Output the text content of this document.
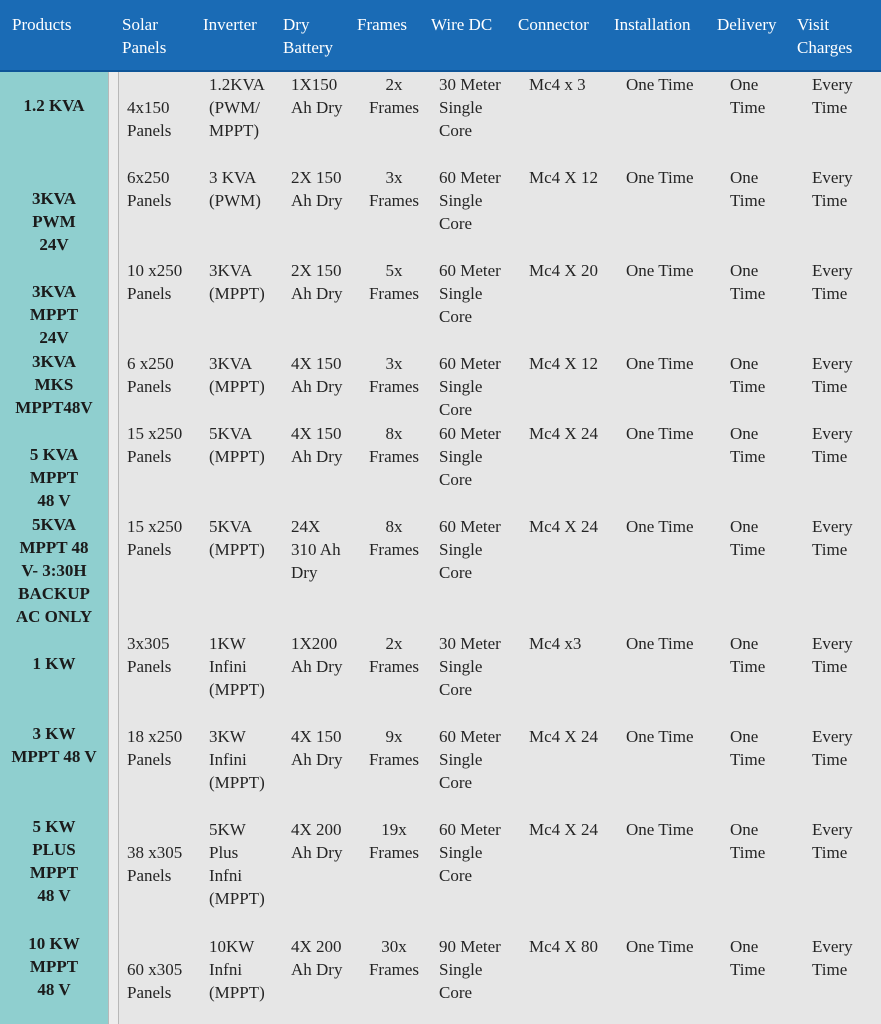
Products	Solar
Panels
Inverter Dry
Battery
Frames Wire DC Connector Installation Delivery Visit
Charges
1.2 KVA
3KVA
PWM
24V
3KVA
MPPT
24V
3KVA
MKS
MPPT48V
5 KVA
MPPT
48 V
5KVA
MPPT 48
V- 3:30H
BACKUP
AC ONLY
1 KW
3 KW
MPPT 48 V
5 KW
PLUS
MPPT
48 V
10 KW
MPPT
48 V
4x150
Panels
1.2KVA
(PWM/
MPPT)
1X150
Ah Dry
2x
Frames
30 Meter
Single
Core
Mc4 x 3 One Time One
Time
Every
Time
6x250
Panels
3 KVA
(PWM)
2X 150
Ah Dry
3x
Frames
60 Meter
Single
Core
Mc4 X 12 One Time One
Time
Every
Time
10 x250
Panels
3KVA
(MPPT)
2X 150
Ah Dry
5x
Frames
60 Meter
Single
Core
Mc4 X 20 One Time One
Time
Every
Time
6 x250
Panels
3KVA
(MPPT)
4X 150
Ah Dry
3x
Frames
60 Meter
Single
Core
Mc4 X 12 One Time One
Time
Every
Time
15 x250
Panels
5KVA
(MPPT)
4X 150
Ah Dry
8x
Frames
60 Meter
Single
Core
Mc4 X 24 One Time One
Time
Every
Time
15 x250
Panels
5KVA
(MPPT)
24X
310 Ah
Dry
8x
Frames
60 Meter
Single
Core
Mc4 X 24 One Time One
Time
Every
Time
3x305
Panels
1KW
Infini
(MPPT)
1X200
Ah Dry
2x
Frames
30 Meter
Single
Core
Mc4 x3	One Time One
Time
Every
Time
18 x250
Panels
3KW
Infini
(MPPT)
4X 150
Ah Dry
9x
Frames
60 Meter
Single
Core
Mc4 X 24 One Time One
Time
Every
Time
38 x305
Panels
5KW
Plus
Infni
(MPPT)
4X 200
Ah Dry
19x
Frames
60 Meter
Single
Core
Mc4 X 24 One Time One
Time
Every
Time
60 x305
Panels
10KW
Infni
(MPPT)
4X 200
Ah Dry
30x
Frames
90 Meter
Single
Core
Mc4 X 80 One Time One
Time
Every
Time
